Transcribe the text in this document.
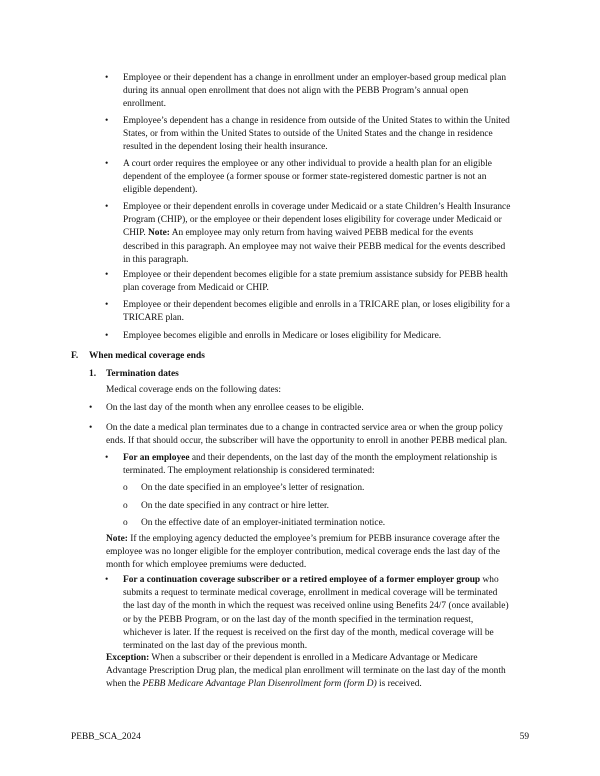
• Employee or their dependent has a change in enrollment under an employer-based group medical plan

during its annual open enrollment that does not align with the PEBB Program’s annual open

enrollment.

• Employee’s dependent has a change in residence from outside of the United States to within the United

States, or from within the United States to outside of the United States and the change in residence

resulted in the dependent losing their health insurance.

• A court order requires the employee or any other individual to provide a health plan for an eligible

dependent of the employee (a former spouse or former state-registered domestic partner is not an

eligible dependent).

• Employee or their dependent enrolls in coverage under Medicaid or a state Children’s Health Insurance

Program (CHIP), or the employee or their dependent loses eligibility for coverage under Medicaid or

CHIP. Note: An employee may only return from having waived PEBB medical for the events

described in this paragraph. An employee may not waive their PEBB medical for the events described

in this paragraph.

• Employee or their dependent becomes eligible for a state premium assistance subsidy for PEBB health

plan coverage from Medicaid or CHIP.

• Employee or their dependent becomes eligible and enrolls in a TRICARE plan, or loses eligibility for a

TRICARE plan.

• Employee becomes eligible and enrolls in Medicare or loses eligibility for Medicare.

F. When medical coverage ends
1. Termination dates
Medical coverage ends on the following dates:
• On the last day of the month when any enrollee ceases to be eligible.

• On the date a medical plan terminates due to a change in contracted service area or when the group policy

ends. If that should occur, the subscriber will have the opportunity to enroll in another PEBB medical plan.

• For an employee and their dependents, on the last day of the month the employment relationship is

terminated. The employment relationship is considered terminated:

o On the date specified in an employee’s letter of resignation.
o On the date specified in any contract or hire letter.
o On the effective date of an employer-initiated termination notice.

Note: If the employing agency deducted the employee’s premium for PEBB insurance coverage after the

employee was no longer eligible for the employer contribution, medical coverage ends the last day of the

month for which employee premiums were deducted.

• For a continuation coverage subscriber or a retired employee of a former employer group who

submits a request to terminate medical coverage, enrollment in medical coverage will be terminated

the last day of the month in which the request was received online using Benefits 24/7 (once available)

or by the PEBB Program, or on the last day of the month specified in the termination request,

whichever is later. If the request is received on the first day of the month, medical coverage will be

terminated on the last day of the previous month.

Exception: When a subscriber or their dependent is enrolled in a Medicare Advantage or Medicare

Advantage Prescription Drug plan, the medical plan enrollment will terminate on the last day of the month

when the PEBB Medicare Advantage Plan Disenrollment form (form D) is received.

PEBB_SCA_2024	59
